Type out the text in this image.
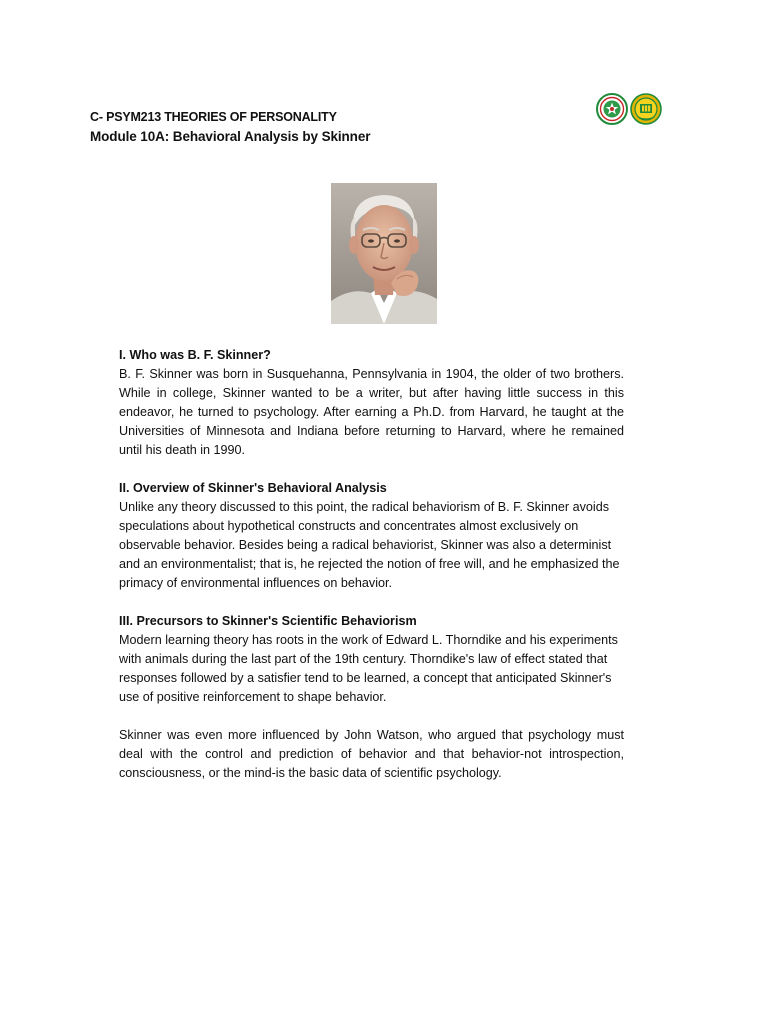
C- PSYM213 THEORIES OF PERSONALITY
Module 10A: Behavioral Analysis by Skinner

I. Who was B. F. Skinner?

B. F. Skinner was born in Susquehanna, Pennsylvania in 1904, the older of two brothers. While in college, Skinner wanted to be a writer, but after having little success in this endeavor, he turned to psychology. After earning a Ph.D. from Harvard, he taught at the Universities of Minnesota and Indiana before returning to Harvard, where he remained until his death in 1990.

II. Overview of Skinner's Behavioral Analysis

Unlike any theory discussed to this point, the radical behaviorism of B. F. Skinner avoids speculations about hypothetical constructs and concentrates almost exclusively on observable behavior. Besides being a radical behaviorist, Skinner was also a determinist and an environmentalist; that is, he rejected the notion of free will, and he emphasized the primacy of environmental influences on behavior.

III. Precursors to Skinner's Scientific Behaviorism

Modern learning theory has roots in the work of Edward L. Thorndike and his experiments with animals during the last part of the 19th century. Thorndike's law of effect stated that responses followed by a satisfier tend to be learned, a concept that anticipated Skinner's use of positive reinforcement to shape behavior.

Skinner was even more influenced by John Watson, who argued that psychology must deal with the control and prediction of behavior and that behavior-not introspection, consciousness, or the mind-is the basic data of scientific psychology.
